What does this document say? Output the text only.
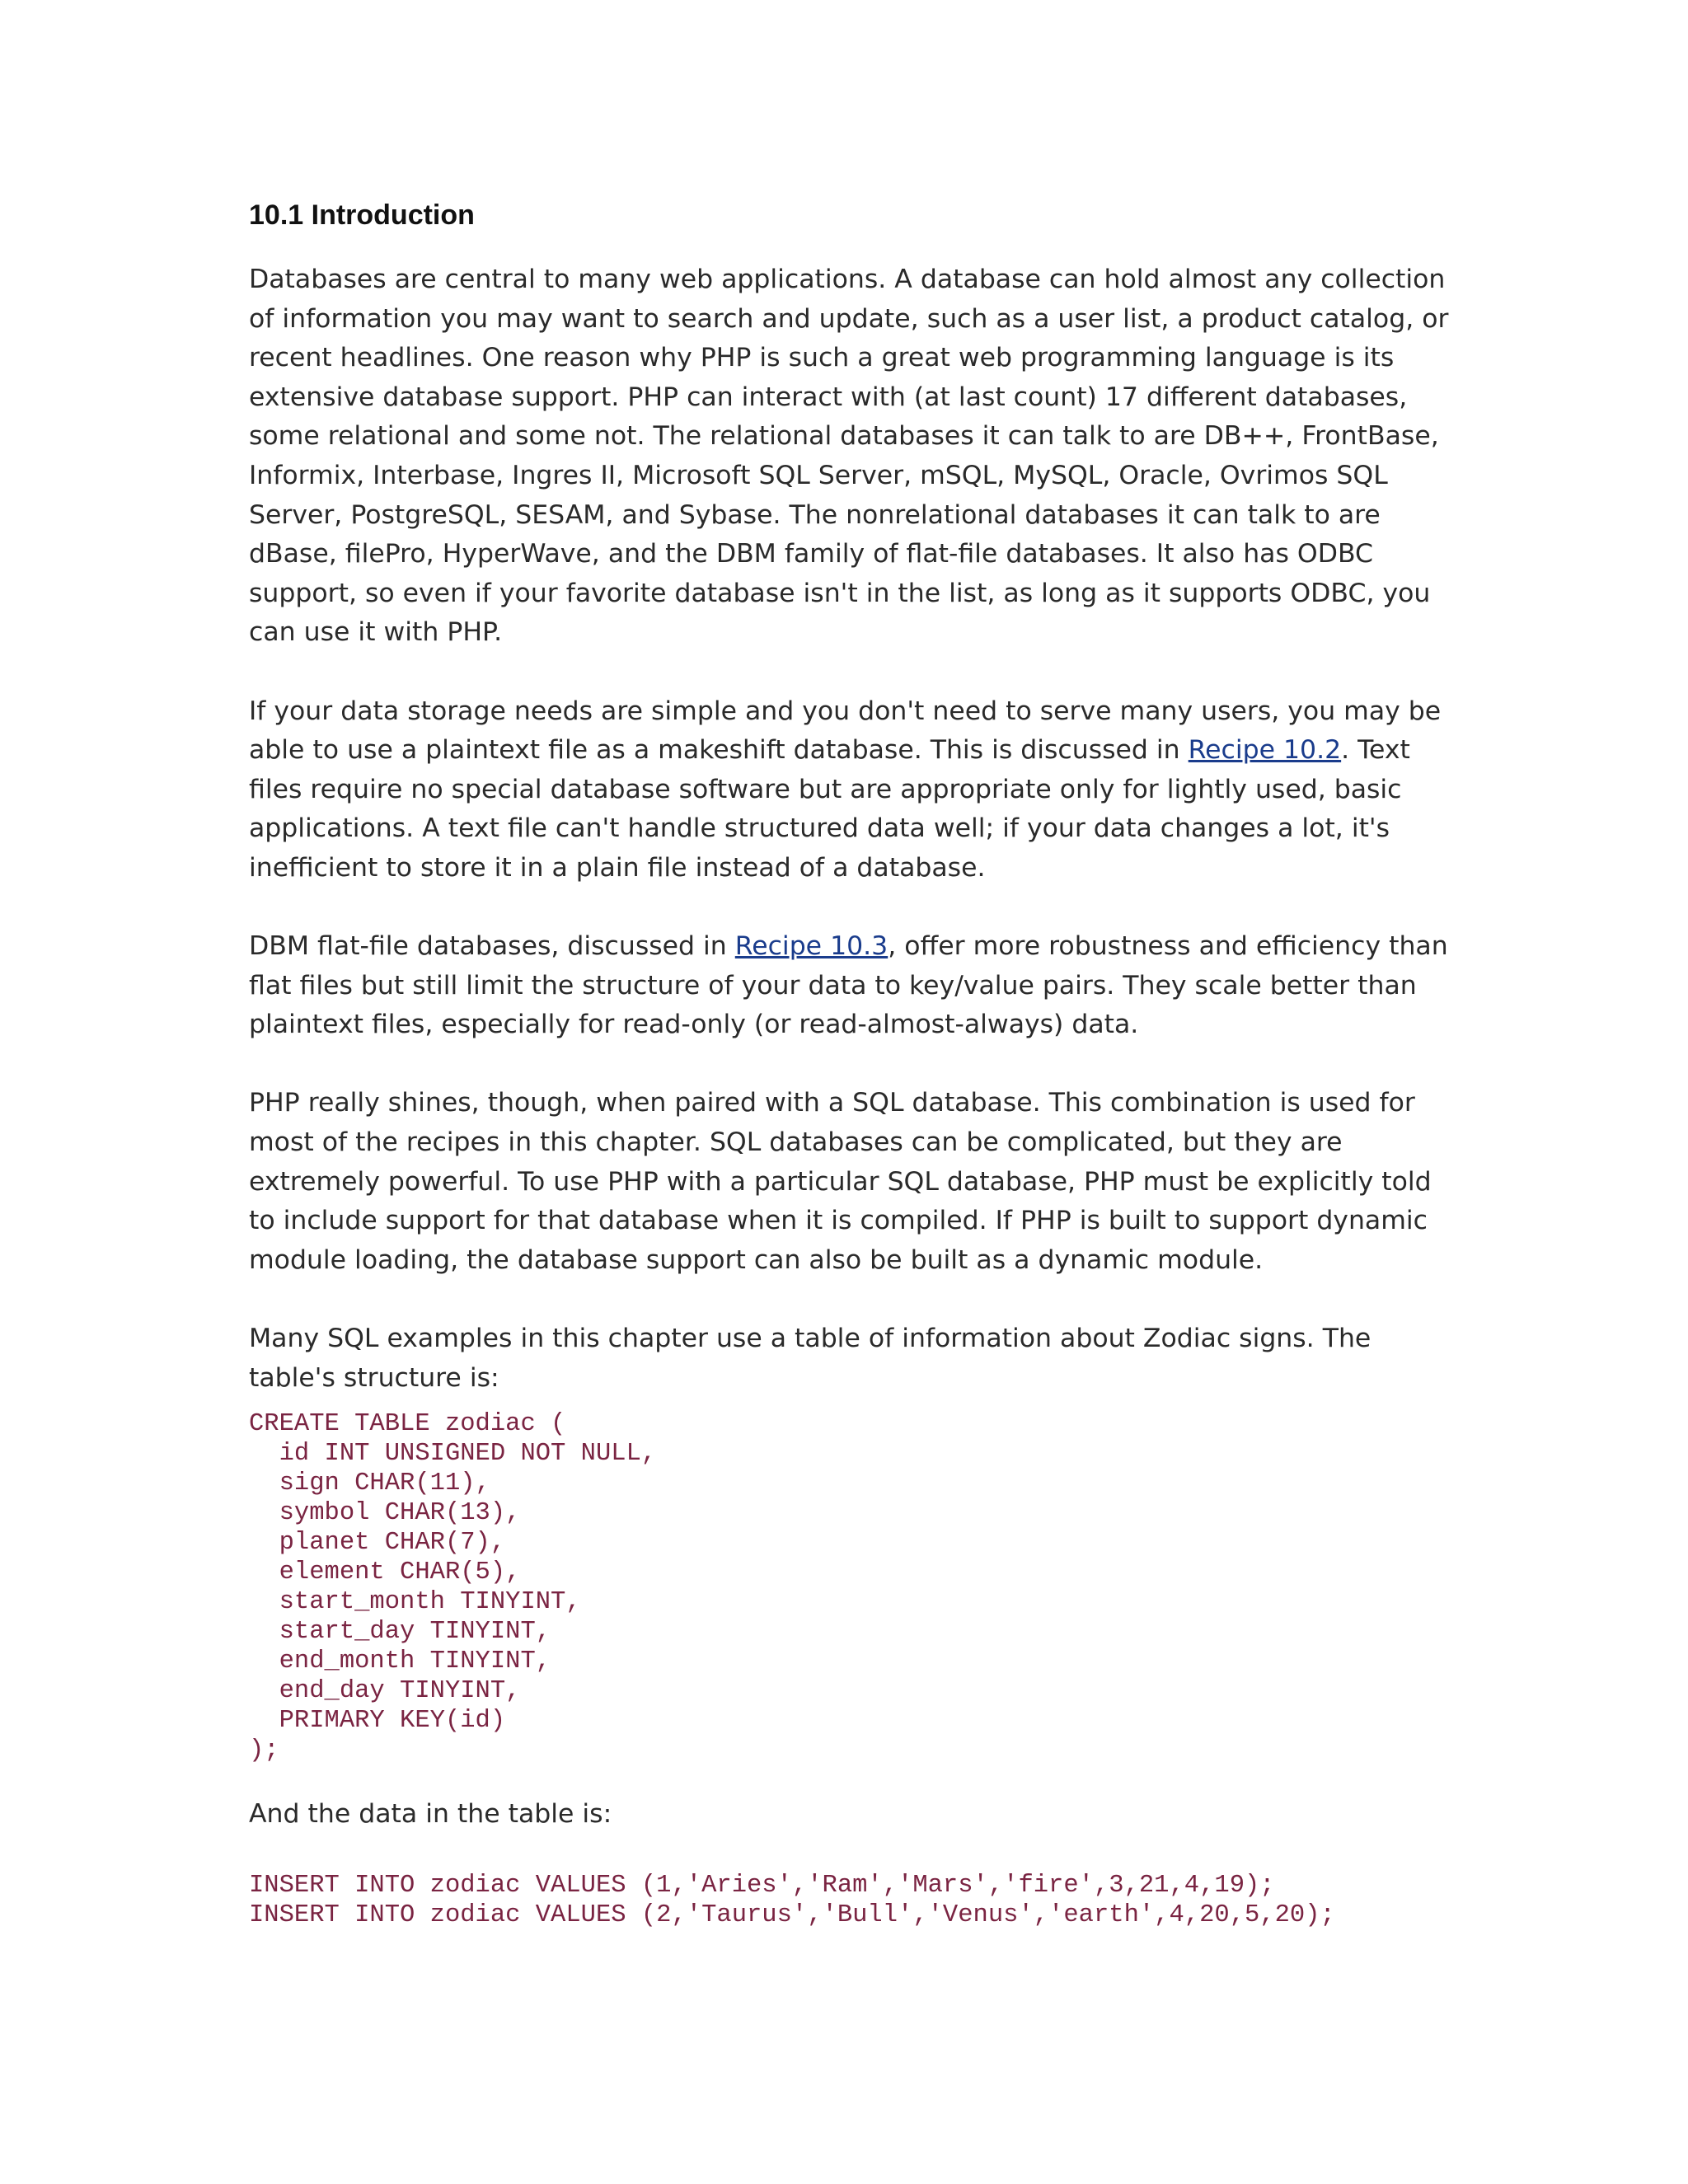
10.1 Introduction

Databases are central to many web applications. A database can hold almost any collection of information you may want to search and update, such as a user list, a product catalog, or recent headlines. One reason why PHP is such a great web programming language is its extensive database support. PHP can interact with (at last count) 17 different databases, some relational and some not. The relational databases it can talk to are DB++, FrontBase, Informix, Interbase, Ingres II, Microsoft SQL Server, mSQL, MySQL, Oracle, Ovrimos SQL Server, PostgreSQL, SESAM, and Sybase. The nonrelational databases it can talk to are dBase, filePro, HyperWave, and the DBM family of flat-file databases. It also has ODBC support, so even if your favorite database isn't in the list, as long as it supports ODBC, you can use it with PHP.

If your data storage needs are simple and you don't need to serve many users, you may be able to use a plaintext file as a makeshift database. This is discussed in Recipe 10.2. Text files require no special database software but are appropriate only for lightly used, basic applications. A text file can't handle structured data well; if your data changes a lot, it's inefficient to store it in a plain file instead of a database.

DBM flat-file databases, discussed in Recipe 10.3, offer more robustness and efficiency than flat files but still limit the structure of your data to key/value pairs. They scale better than plaintext files, especially for read-only (or read-almost-always) data.

PHP really shines, though, when paired with a SQL database. This combination is used for most of the recipes in this chapter. SQL databases can be complicated, but they are extremely powerful. To use PHP with a particular SQL database, PHP must be explicitly told to include support for that database when it is compiled. If PHP is built to support dynamic module loading, the database support can also be built as a dynamic module.

Many SQL examples in this chapter use a table of information about Zodiac signs. The table's structure is:

CREATE TABLE zodiac (
id INT UNSIGNED NOT NULL,
sign CHAR(11),
symbol CHAR(13),
planet CHAR(7),
element CHAR(5),
start_month TINYINT,
start_day TINYINT,
end_month TINYINT,
end_day TINYINT,
PRIMARY KEY(id)
);

And the data in the table is:

INSERT INTO zodiac VALUES (1,'Aries','Ram','Mars','fire',3,21,4,19);
INSERT INTO zodiac VALUES (2,'Taurus','Bull','Venus','earth',4,20,5,20);
